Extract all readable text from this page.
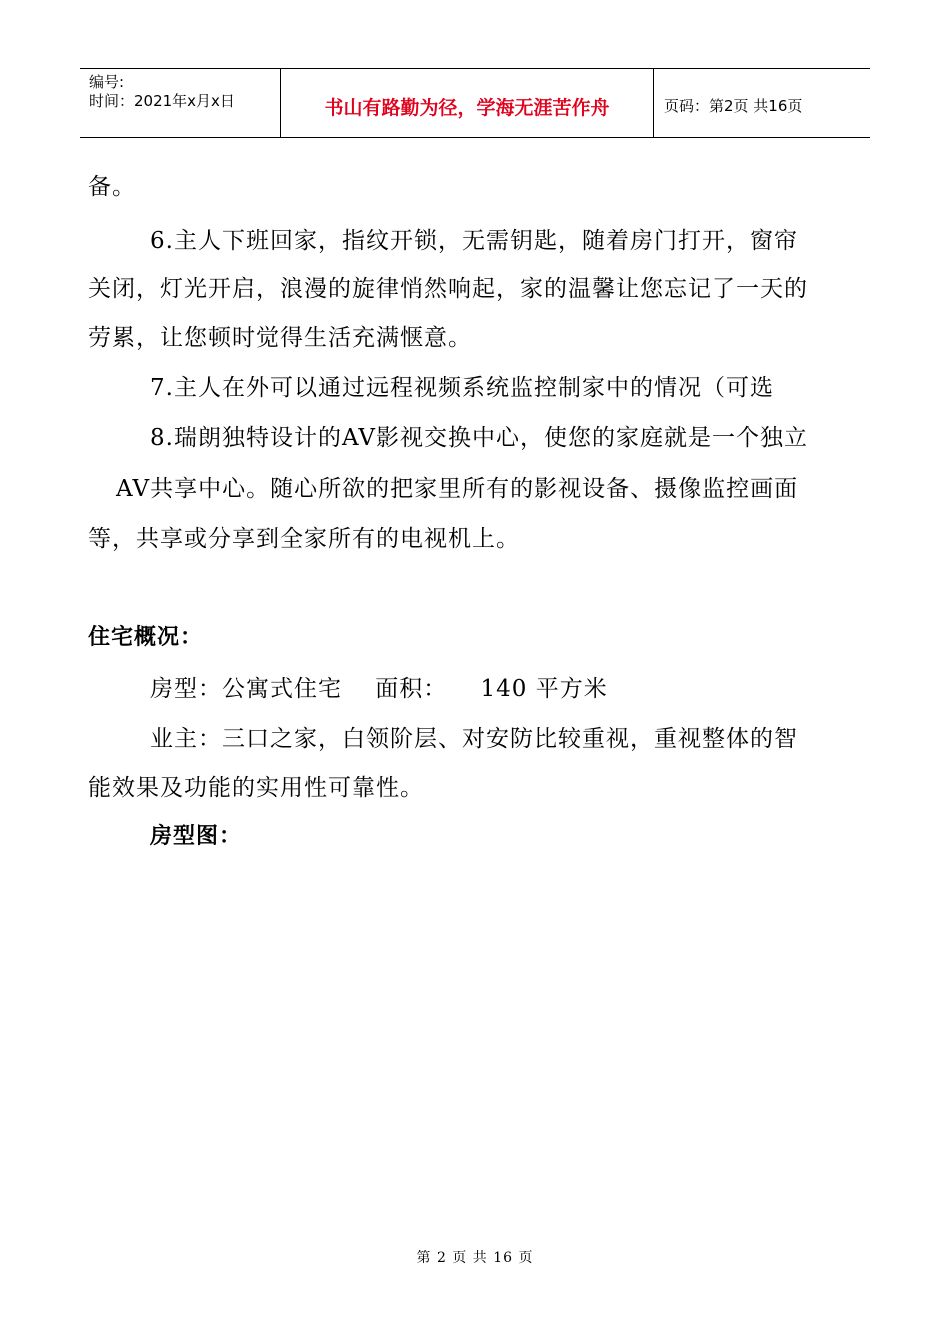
编号:
时间：2021年x月x日	书山有路勤为径，学海无涯苦作舟	页码：第2页 共16页
备。
6.主人下班回家，指纹开锁，无需钥匙，随着房门打开，窗帘
关闭，灯光开启，浪漫的旋律悄然响起，家的温馨让您忘记了一天的
劳累，让您顿时觉得生活充满惬意。
7.主人在外可以通过远程视频系统监控制家中的情况（可选
8.瑞朗独特设计的AV影视交换中心，使您的家庭就是一个独立
AV共享中心。随心所欲的把家里所有的影视设备、摄像监控画面
等，共享或分享到全家所有的电视机上。
住宅概况：
房型：公寓式住宅    面积：    140 平方米
业主：三口之家，白领阶层、对安防比较重视，重视整体的智
能效果及功能的实用性可靠性。
房型图：
第 2 页 共 16 页
